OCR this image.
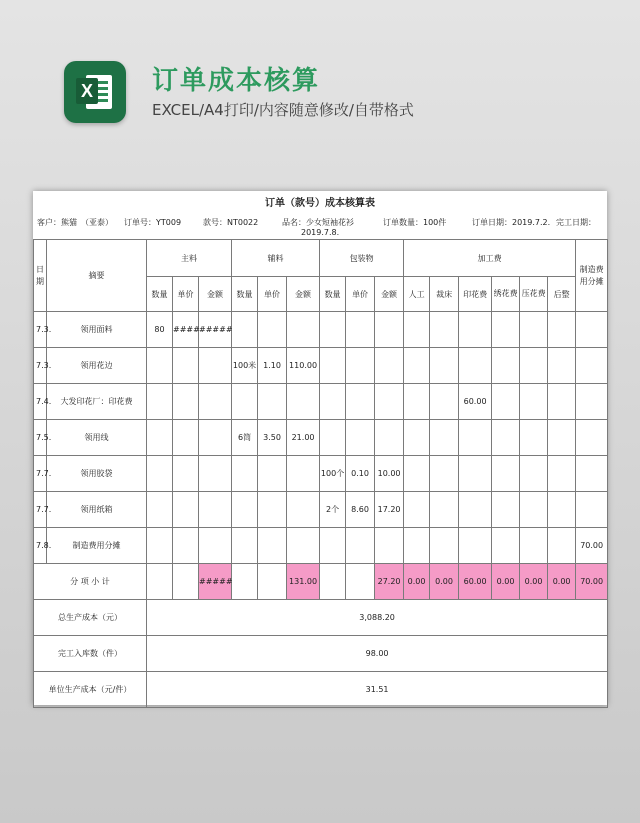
X 订单成本核算
EXCEL/A4打印/内容随意修改/自带格式
订单（款号）成本核算表
客户：熊猫　（亚泰） 订单号：YT009	款号：NT0022	品名：少女短袖花衫	订单数量：100件	订单日期：2019.7.2. 完工日期：
2019.7.8.
日期	摘要	主料			辅料			包装物			加工费						制造费用分摊
		数量	单价	金额	数量	单价	金额	数量	单价	金额	人工	裁床	印花费	绣花费	压花费	后整	
7.3.	领用面料	80	####	#####													
7.3.	领用花边				100米	1.10	110.00										
7.4.	大发印花厂：印花费												60.00				
7.5.	领用线				6筒	3.50	21.00										
7.7.	领用胶袋							100个	0.10	10.00							
7.7.	领用纸箱							2个	8.60	17.20							
7.8.	制造费用分摊																70.00
分 项 小 计				#####			131.00			27.20	0.00	0.00	60.00	0.00	0.00	0.00	70.00
总生产成本（元）		3,088.20															
完工入库数（件）		98.00															
单位生产成本（元/件）		31.51															
